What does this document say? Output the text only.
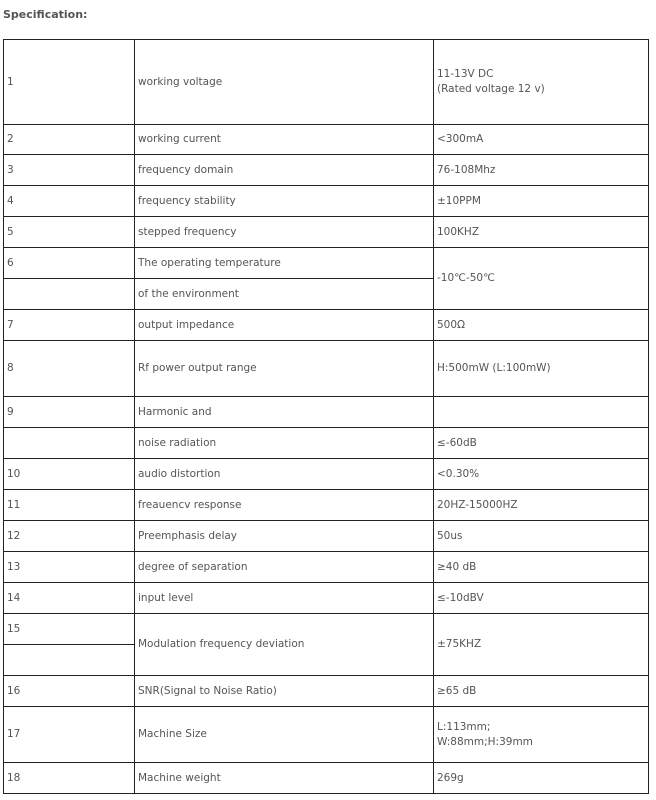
Specification:
1	working voltage	11-13V DC
(Rated voltage 12 v)

2	working current	<300mA
3	frequency domain	76-108Mhz
4	frequency stability	±10PPM
5	stepped frequency	100KHZ
6	The operating temperature	-10℃-50℃
	of the environment	
7	output impedance	500Ω
8	Rf power output range	H:500mW (L:100mW)
9	Harmonic and	
	noise radiation	≤-60dB
10	audio distortion	<0.30%
11	freauencv response	20HZ-15000HZ
12	Preemphasis delay	50us
13	degree of separation	≥40 dB
14	input level	≤-10dBV
15	Modulation frequency deviation	±75KHZ

16	SNR(Signal to Noise Ratio)	≥65 dB
17	Machine Size	L:113mm;
W:88mm;H:39mm

18	Machine weight	269g
